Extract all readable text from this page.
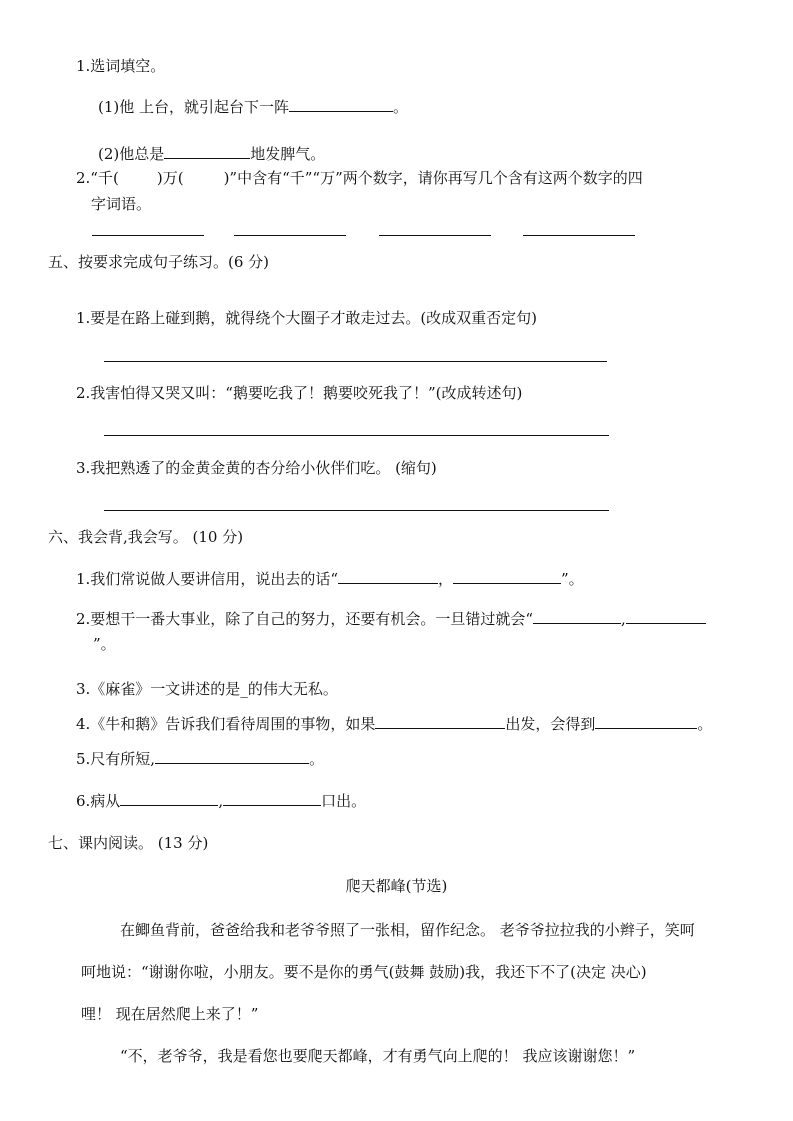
1.选词填空。
(1)他 上台，就引起台下一阵	。
(2)他总是	地发脾气。
2.“千(	)万(	)”中含有“千”“万”两个数字，请你再写几个含有这两个数字的四
字词语。
五、按要求完成句子练习。(6 分)
1.要是在路上碰到鹅，就得绕个大圈子才敢走过去。(改成双重否定句)
2.我害怕得又哭又叫：“鹅要吃我了！鹅要咬死我了！”(改成转述句)
3.我把熟透了的金黄金黄的杏分给小伙伴们吃。 (缩句)
六、我会背,我会写。 (10 分)
1.我们常说做人要讲信用，说出去的话“	，	”。
2.要想干一番大事业，除了自己的努力，还要有机会。一旦错过就会“	,
”。
3.《麻雀》一文讲述的是_的伟大无私。
4.《牛和鹅》告诉我们看待周围的事物，如果	出发，会得到	。
5.尺有所短,	。
6.病从	,	口出。
七、课内阅读。 (13 分)
爬天都峰(节选)
在鲫鱼背前，爸爸给我和老爷爷照了一张相，留作纪念。 老爷爷拉拉我的小辫子，笑呵
呵地说：“谢谢你啦，小朋友。要不是你的勇气(鼓舞 鼓励)我，我还下不了(决定 决心)
哩！ 现在居然爬上来了！”
“不，老爷爷，我是看您也要爬天都峰，才有勇气向上爬的！ 我应该谢谢您！”
